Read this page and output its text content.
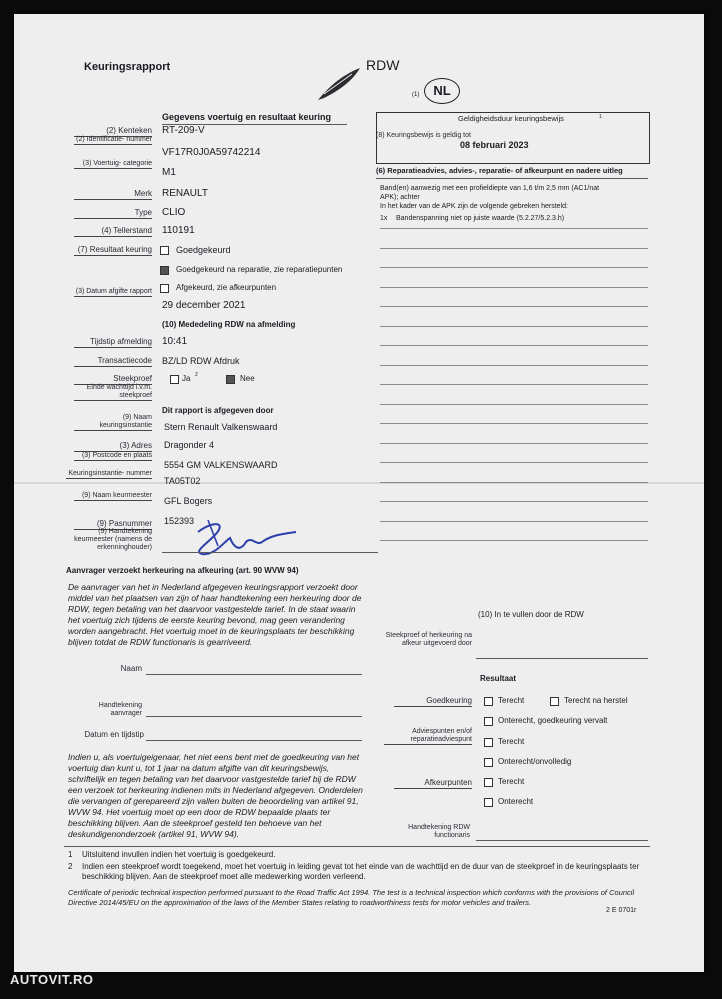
Keuringsrapport	RDW
(1)	NL
Gegevens voertuig en resultaat keuring
(2) Kenteken RT-209-V
(2) Identificatie- nummer
VF17R0J0A59742214
(3) Voertuig- categorie
M1
Merk RENAULT
Type CLIO
(4) Tellerstand 110191
(7) Resultaat keuring	Goedgekeurd
Goedgekeurd na reparatie, zie reparatiepunten
Afgekeurd, zie afkeurpunten
(3) Datum afgifte rapport
29 december 2021
(10) Mededeling RDW na afmelding
Tijdstip afmelding 10:41
Transactiecode BZ/LD RDW Afdruk
Steekproef	Ja 2	Nee
Einde wachttijd i.v.m. steekproef
Dit rapport is afgegeven door
(9) Naam keuringsinstantie Stern Renault Valkenswaard
(3) Adres Dragonder 4
(3) Postcode en plaats
5554 GM VALKENSWAARD
Keuringsinstantie- nummer
TA05T02
(9) Naam keurmeester
GFL Bogers
(9) Pasnummer 152393
(9) Handtekening keurmeester (namens de erkenninghouder)
Geldigheidsduur keuringsbewijs	1
(8) Keuringsbewijs is geldig tot
08 februari 2023
(6) Reparatieadvies, advies-, reparatie- of afkeurpunt en nadere uitleg
Band(en) aanwezig met een profieldiepte van 1,6 t/m 2,5 mm (AC1/nat
APK); achter
In het kader van de APK zijn de volgende gebreken hersteld:
1x Bandenspanning niet op juiste waarde (5.2.27/5.2.3.h)
Aanvrager verzoekt herkeuring na afkeuring (art. 90 WVW 94)
De aanvrager van het in Nederland afgegeven keuringsrapport verzoekt door middel van het plaatsen van zijn of haar handtekening een herkeuring door de RDW, tegen betaling van het daarvoor vastgestelde tarief. In de staat waarin het voertuig zich tijdens de eerste keuring bevond, mag geen verandering worden aangebracht. Het voertuig moet in de keuringsplaats ter beschikking blijven totdat de RDW functionaris is gearriveerd.
Naam
Handtekening aanvrager
Datum en tijdstip
Indien u, als voertuigeigenaar, het niet eens bent met de goedkeuring van het voertuig dan kunt u, tot 1 jaar na datum afgifte van dit keuringsbewijs, schriftelijk en tegen betaling van het daarvoor vastgestelde tarief bij de RDW een verzoek tot herkeuring indienen mits in Nederland afgegeven. Onderdelen die vervangen of gerepareerd zijn vallen buiten de beoordeling van artikel 91, WVW 94. Het voertuig moet op een door de RDW bepaalde plaats ter beschikking blijven. Aan de steekproef gesteld ten behoeve van het deskundigenonderzoek (artikel 91, WVW 94).
(10) In te vullen door de RDW
Steekproef of herkeuring na afkeur uitgevoerd door
Resultaat
Goedkeuring	Terecht	Terecht na herstel
Onterecht, goedkeuring vervalt
Adviespunten en/of reparatieadviespunt	Terecht
Onterecht/onvolledig
Afkeurpunten	Terecht
Onterecht
Handtekening RDW functionaris
1 Uitsluitend invullen indien het voertuig is goedgekeurd.
2 Indien een steekproef wordt toegekend, moet het voertuig in leiding gevat tot het einde van de wachttijd en de duur van de steekproef in de keuringsplaats ter beschikking blijven. Aan de steekproef moet alle medewerking worden verleend.
Certificate of periodic technical inspection performed pursuant to the Road Traffic Act 1994. The test is a technical inspection which conforms with the provisions of Council Directive 2014/45/EU on the approximation of the laws of the Member States relating to roadworthiness tests for motor vehicles and trailers.
2 E 0701r
AUTOVIT.RO
